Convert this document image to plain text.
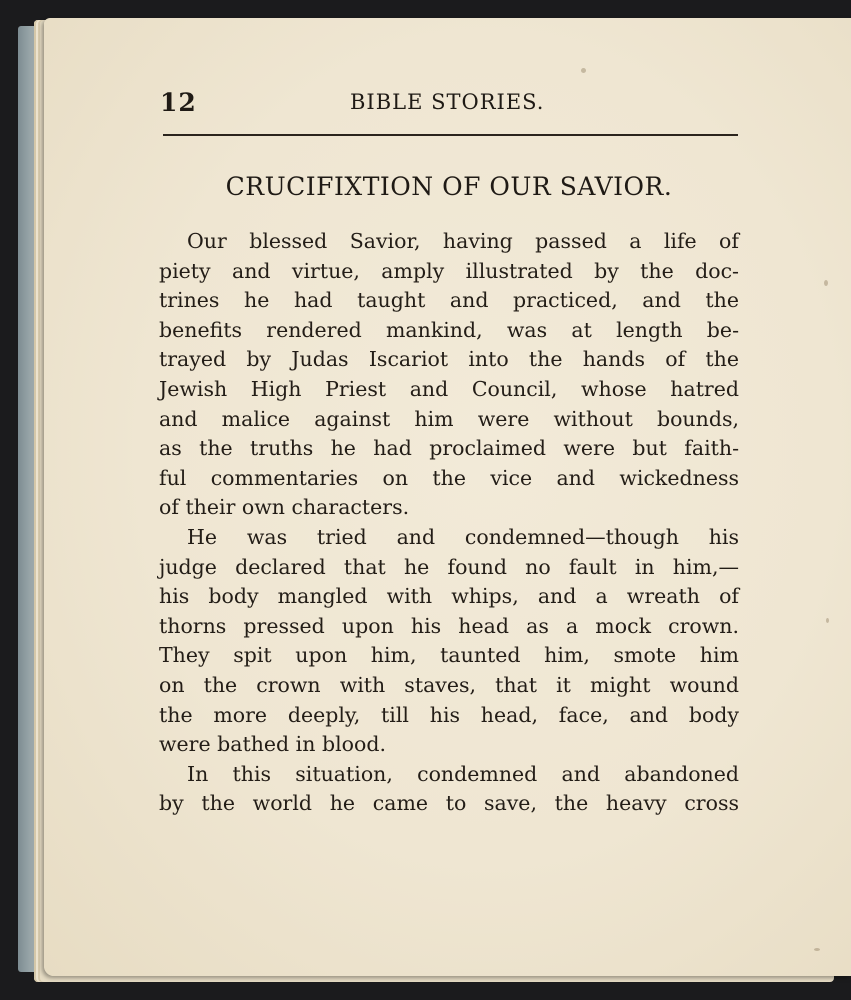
12	BIBLE STORIES.
CRUCIFIXTION OF OUR SAVIOR.
Our blessed Savior, having passed a life of
piety and virtue, amply illustrated by the doc-
trines he had taught and practiced, and the
benefits rendered mankind, was at length be-
trayed by Judas Iscariot into the hands of the
Jewish High Priest and Council, whose hatred
and malice against him were without bounds,
as the truths he had proclaimed were but faith-
ful commentaries on the vice and wickedness
of their own characters.
He was tried and condemned—though his
judge declared that he found no fault in him,—
his body mangled with whips, and a wreath of
thorns pressed upon his head as a mock crown.
They spit upon him, taunted him, smote him
on the crown with staves, that it might wound
the more deeply, till his head, face, and body
were bathed in blood.
In this situation, condemned and abandoned
by the world he came to save, the heavy cross
